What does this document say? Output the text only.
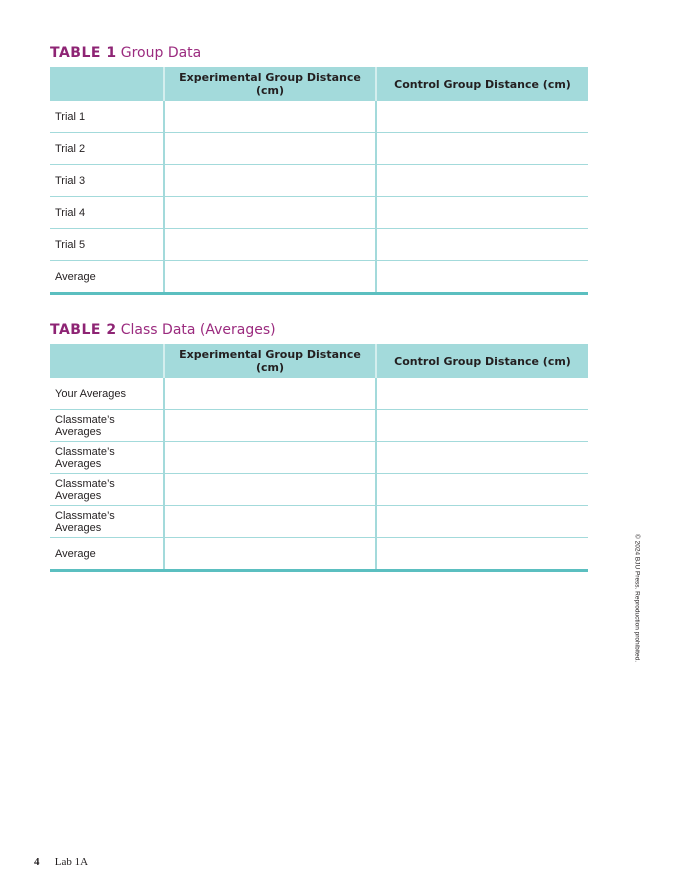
TABLE 1 Group Data
	Experimental Group Distance (cm)	Control Group Distance (cm)
Trial 1		
Trial 2		
Trial 3		
Trial 4		
Trial 5		
Average		
TABLE 2 Class Data (Averages)
	Experimental Group Distance (cm)	Control Group Distance (cm)
Your Averages		
Classmate’s Averages		
Classmate’s Averages		
Classmate’s Averages		
Classmate’s Averages		
Average			© 2024 BJU Press. Reproduction prohibited.
4 Lab 1A
